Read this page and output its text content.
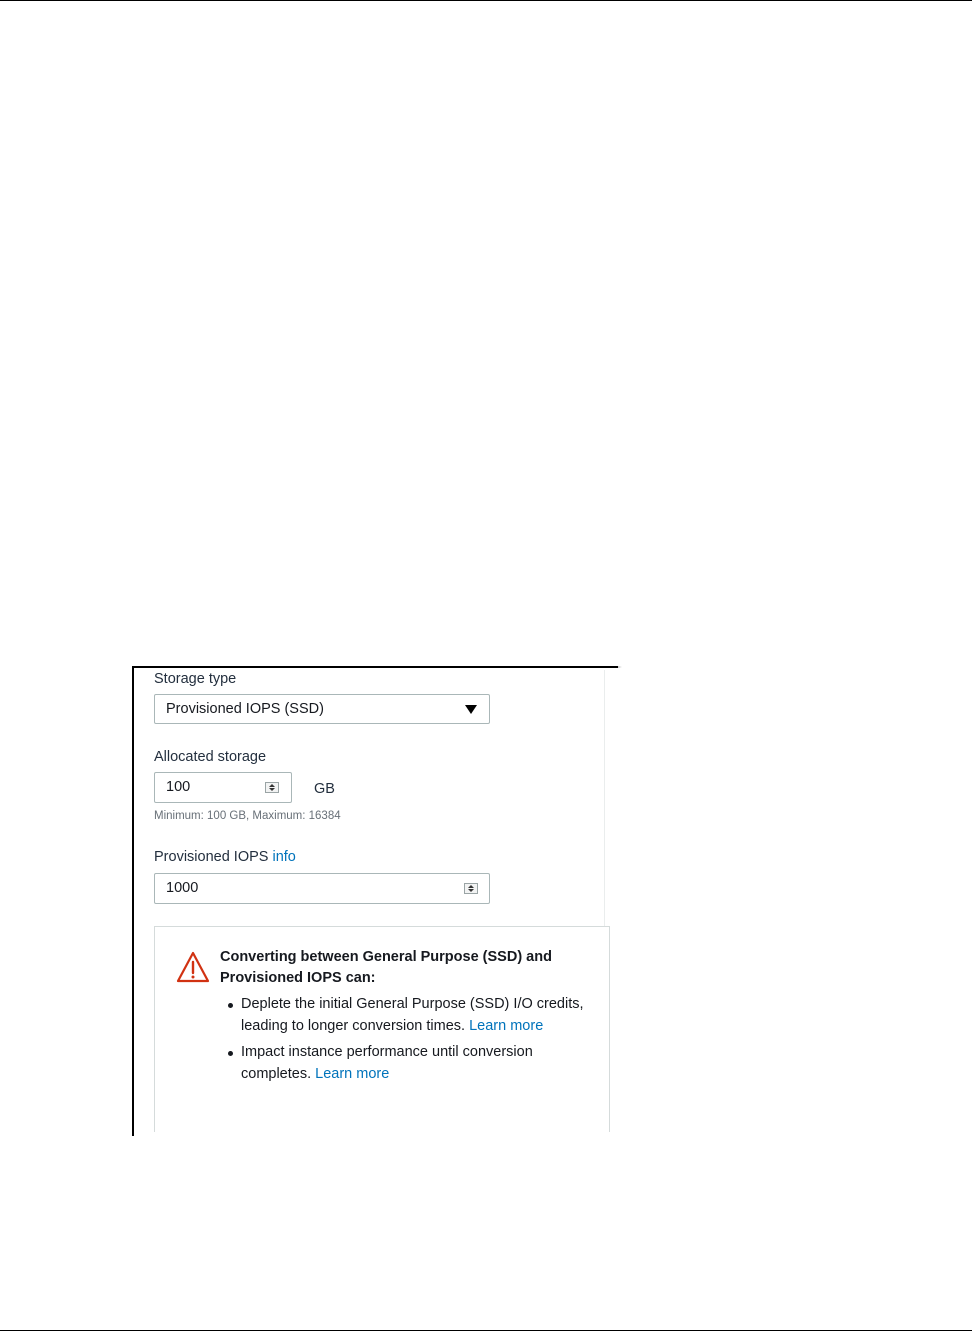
Storage type
Provisioned IOPS (SSD)
Allocated storage
100	GB
Minimum: 100 GB, Maximum: 16384
Provisioned IOPS info
1000
Converting between General Purpose (SSD) and Provisioned IOPS can:
Deplete the initial General Purpose (SSD) I/O credits, leading to longer conversion times. Learn more
Impact instance performance until conversion completes. Learn more
